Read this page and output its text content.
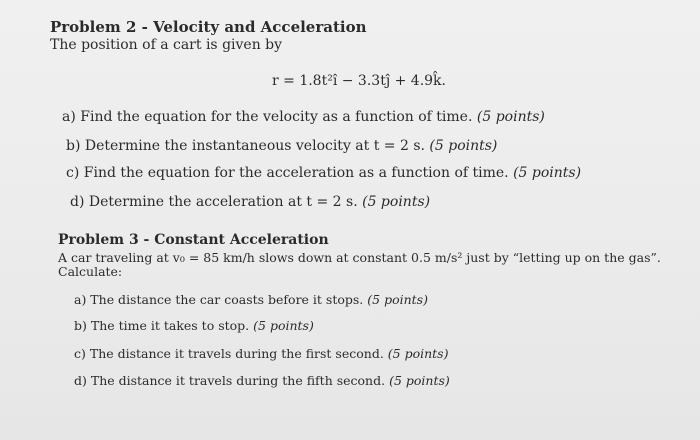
Problem 2 - Velocity and Acceleration
The position of a cart is given by
r = 1.8t²î − 3.3tĵ + 4.9k̂.
a) Find the equation for the velocity as a function of time. (5 points)
b) Determine the instantaneous velocity at t = 2 s. (5 points)
c) Find the equation for the acceleration as a function of time. (5 points)
d) Determine the acceleration at t = 2 s. (5 points)
Problem 3 - Constant Acceleration
A car traveling at v₀ = 85 km/h slows down at constant 0.5 m/s² just by “letting up on the gas”.
Calculate:
a) The distance the car coasts before it stops. (5 points)
b) The time it takes to stop. (5 points)
c) The distance it travels during the first second. (5 points)
d) The distance it travels during the fifth second. (5 points)
